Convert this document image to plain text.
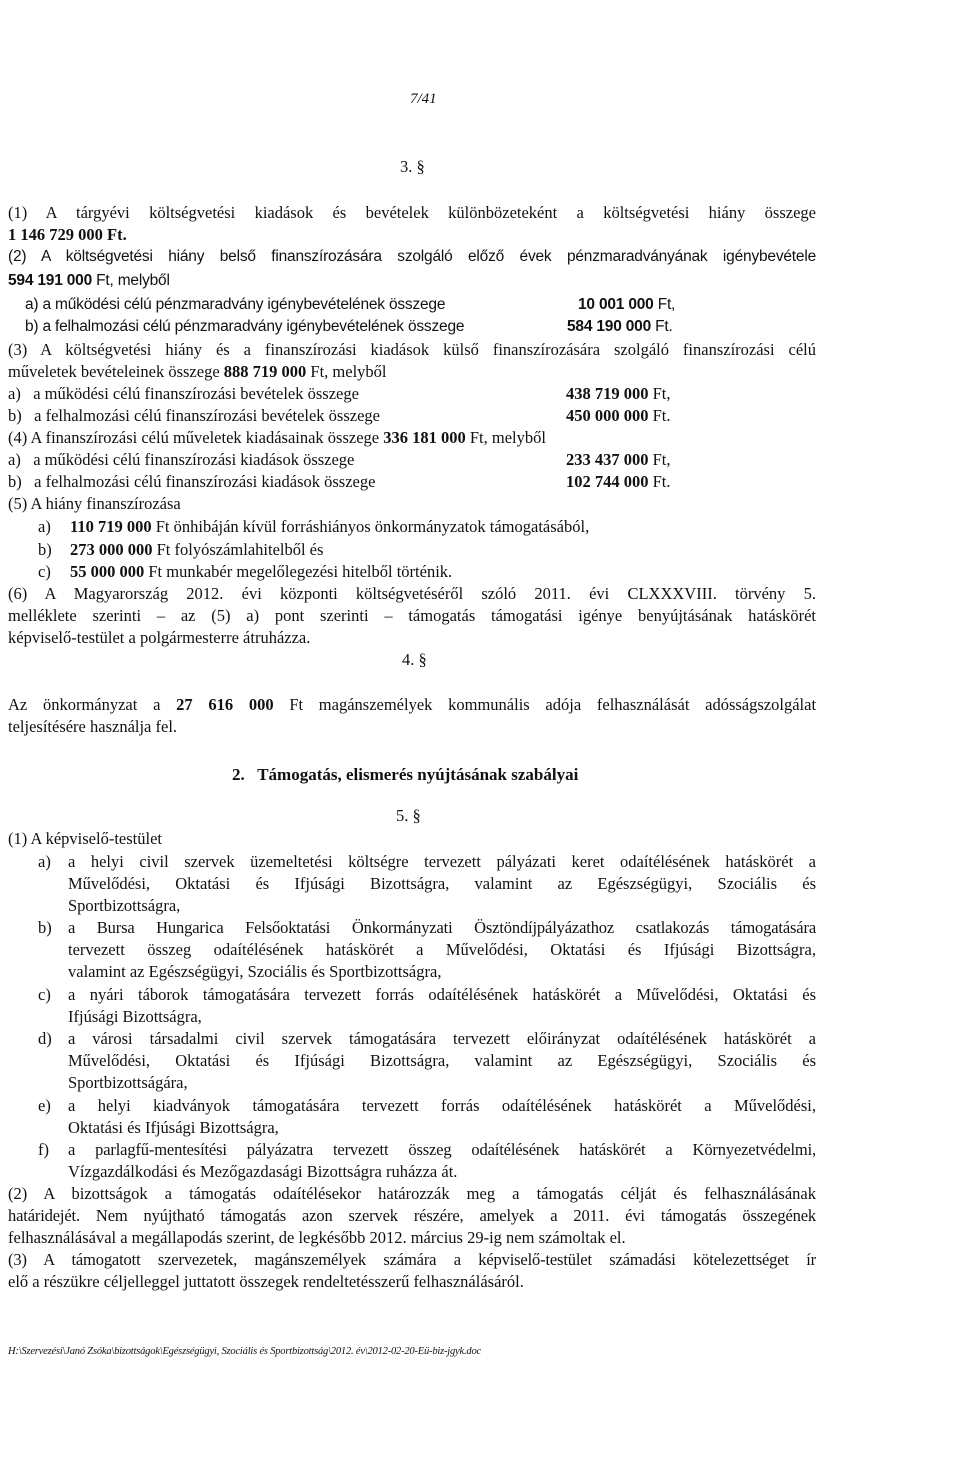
7/41
3. §
(1) A tárgyévi költségvetési kiadások és bevételek különbözeteként a költségvetési hiány összege
1 146 729 000 Ft.
(2) A költségvetési hiány belső finanszírozására szolgáló előző évek pénzmaradványának igénybevétele
594 191 000 Ft, melyből
a) a működési célú pénzmaradvány igénybevételének összege	10 001 000 Ft,
b) a felhalmozási célú pénzmaradvány igénybevételének összege	584 190 000 Ft.
(3) A költségvetési hiány és a finanszírozási kiadások külső finanszírozására szolgáló finanszírozási célú
műveletek bevételeinek összege 888 719 000 Ft, melyből
a)   a működési célú finanszírozási bevételek összege	438 719 000 Ft,
b)   a felhalmozási célú finanszírozási bevételek összege	450 000 000 Ft.
(4) A finanszírozási célú műveletek kiadásainak összege 336 181 000 Ft, melyből
a)   a működési célú finanszírozási kiadások összege	233 437 000 Ft,
b)   a felhalmozási célú finanszírozási kiadások összege	102 744 000 Ft.
(5) A hiány finanszírozása
a) 110 719 000 Ft önhibáján kívül forráshiányos önkormányzatok támogatásából,
b) 273 000 000 Ft folyószámlahitelből és
c) 55 000 000 Ft munkabér megelőlegezési hitelből történik.
(6) A Magyarország 2012. évi központi költségvetéséről szóló 2011. évi CLXXXVIII. törvény 5.
melléklete szerinti – az (5) a) pont szerinti – támogatás támogatási igénye benyújtásának hatáskörét
képviselő-testület a polgármesterre átruházza.
4. §
Az önkormányzat a 27 616 000 Ft magánszemélyek kommunális adója felhasználását adósságszolgálat
teljesítésére használja fel.
2.   Támogatás, elismerés nyújtásának szabályai
5. §
(1) A képviselő-testület
a) a helyi civil szervek üzemeltetési költségre tervezett pályázati keret odaítélésének hatáskörét a
Művelődési, Oktatási és Ifjúsági Bizottságra, valamint az Egészségügyi, Szociális és
Sportbizottságra,
b) a Bursa Hungarica Felsőoktatási Önkormányzati Ösztöndíjpályázathoz csatlakozás támogatására
tervezett összeg odaítélésének hatáskörét a Művelődési, Oktatási és Ifjúsági Bizottságra,
valamint az Egészségügyi, Szociális és Sportbizottságra,
c) a nyári táborok támogatására tervezett forrás odaítélésének hatáskörét a Művelődési, Oktatási és
Ifjúsági Bizottságra,
d) a városi társadalmi civil szervek támogatására tervezett előirányzat odaítélésének hatáskörét a
Művelődési, Oktatási és Ifjúsági Bizottságra, valamint az Egészségügyi, Szociális és
Sportbizottságára,
e) a helyi kiadványok támogatására tervezett forrás odaítélésének hatáskörét a Művelődési,
Oktatási és Ifjúsági Bizottságra,
f) a parlagfű-mentesítési pályázatra tervezett összeg odaítélésének hatáskörét a Környezetvédelmi,
Vízgazdálkodási és Mezőgazdasági Bizottságra ruházza át.
(2) A bizottságok a támogatás odaítélésekor határozzák meg a támogatás célját és felhasználásának
határidejét. Nem nyújtható támogatás azon szervek részére, amelyek a 2011. évi támogatás összegének
felhasználásával a megállapodás szerint, de legkésőbb 2012. március 29-ig nem számoltak el.
(3) A támogatott szervezetek, magánszemélyek számára a képviselő-testület számadási kötelezettséget ír
elő a részükre céljelleggel juttatott összegek rendeltetésszerű felhasználásáról.
H:\Szervezési\Janó Zsóka\bizottságok\Egészségügyi, Szociális és Sportbizottság\2012. év\2012-02-20-Eü-biz-jgyk.doc
